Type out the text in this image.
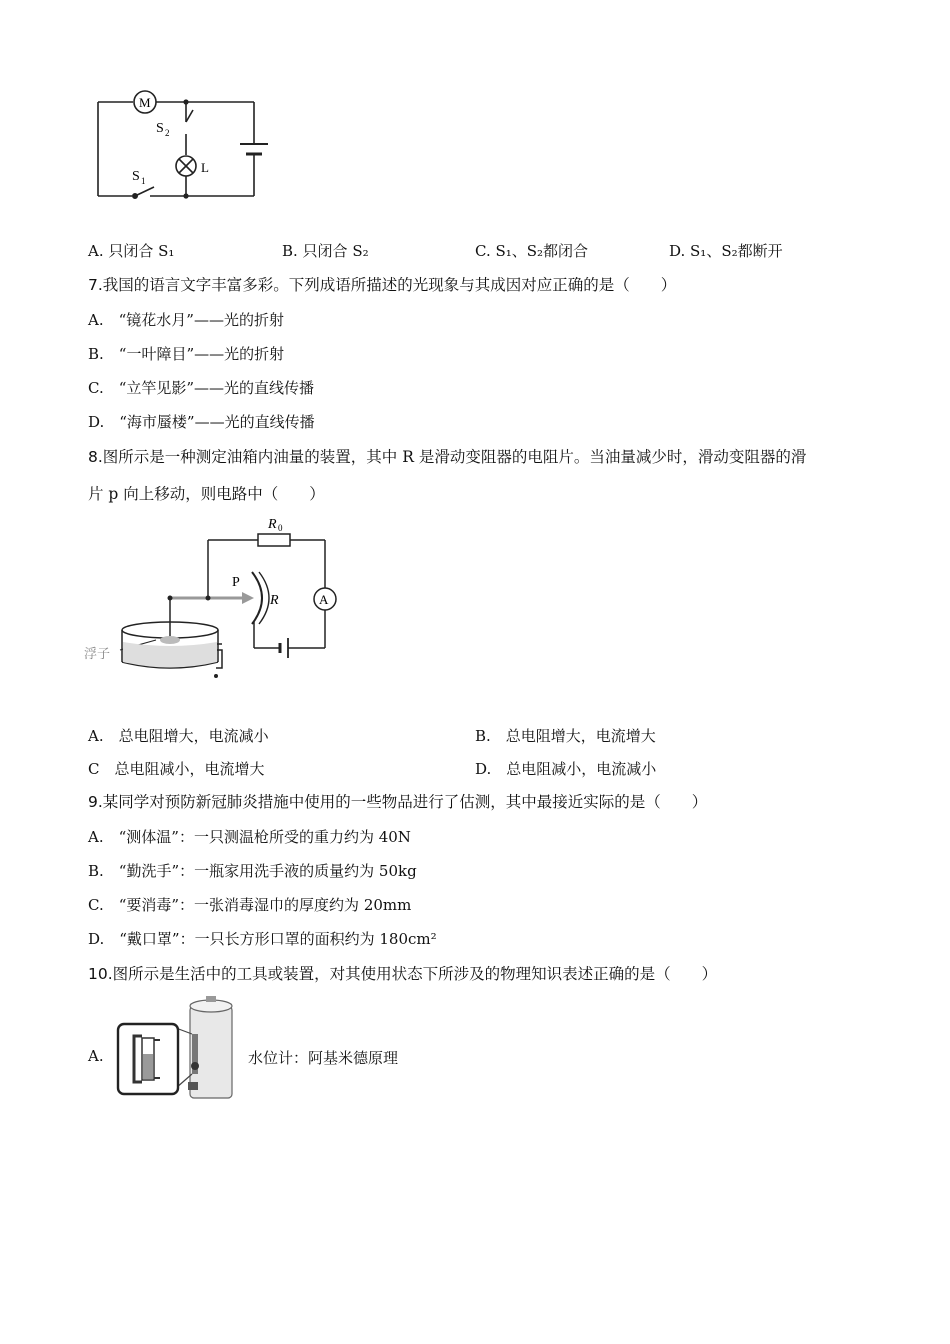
M
S 2
S 1
L
A. 只闭合 S₁	B. 只闭合 S₂	C. S₁、S₂都闭合	D. S₁、S₂都断开
7.我国的语言文字丰富多彩。下列成语所描述的光现象与其成因对应正确的是（　　）
A.　“镜花水月”——光的折射
B.　“一叶障目”——光的折射
C.　“立竿见影”——光的直线传播
D.　“海市蜃楼”——光的直线传播
8.图所示是一种测定油箱内油量的装置，其中 R 是滑动变阻器的电阻片。当油量减少时，滑动变阻器的滑
片 p 向上移动，则电路中（　　）
R 0
P
R	A
浮子
A.　总电阻增大，电流减小	B.　总电阻增大，电流增大
C　总电阻减小，电流增大	D.　总电阻减小，电流减小
9.某同学对预防新冠肺炎措施中使用的一些物品进行了估测，其中最接近实际的是（　　）
A.　“测体温”：一只测温枪所受的重力约为 40N
B.　“勤洗手”：一瓶家用洗手液的质量约为 50kg
C.　“要消毒”：一张消毒湿巾的厚度约为 20mm
D.　“戴口罩”：一只长方形口罩的面积约为 180cm²
10.图所示是生活中的工具或装置，对其使用状态下所涉及的物理知识表述正确的是（　　）
A.	水位计：阿基米德原理
